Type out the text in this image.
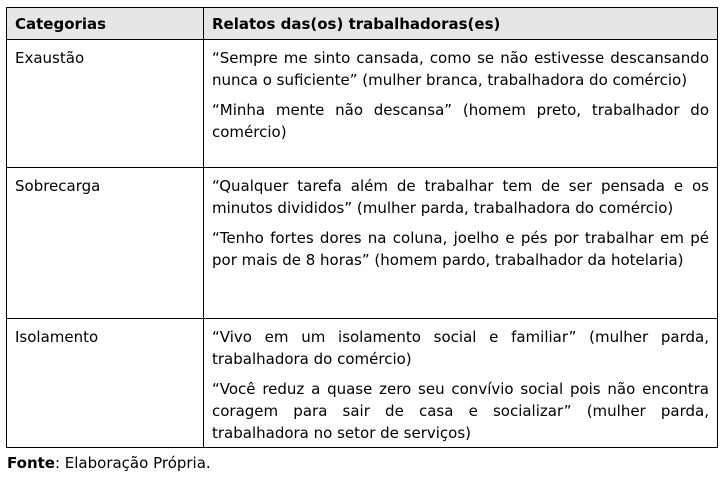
Categorias	Relatos das(os) trabalhadoras(es)
Exaustão	“Sempre me sinto cansada, como se não estivesse descansando nunca o suficiente” (mulher branca, trabalhadora do comércio)

“Minha mente não descansa” (homem preto, trabalhador do comércio)

Sobrecarga	“Qualquer tarefa além de trabalhar tem de ser pensada e os minutos divididos” (mulher parda, trabalhadora do comércio)

“Tenho fortes dores na coluna, joelho e pés por trabalhar em pé por mais de 8 horas” (homem pardo, trabalhador da hotelaria)

Isolamento	“Vivo em um isolamento social e familiar” (mulher parda, trabalhadora do comércio)

“Você reduz a quase zero seu convívio social pois não encontra coragem para sair de casa e socializar” (mulher parda, trabalhadora no setor de serviços)

Fonte: Elaboração Própria.
